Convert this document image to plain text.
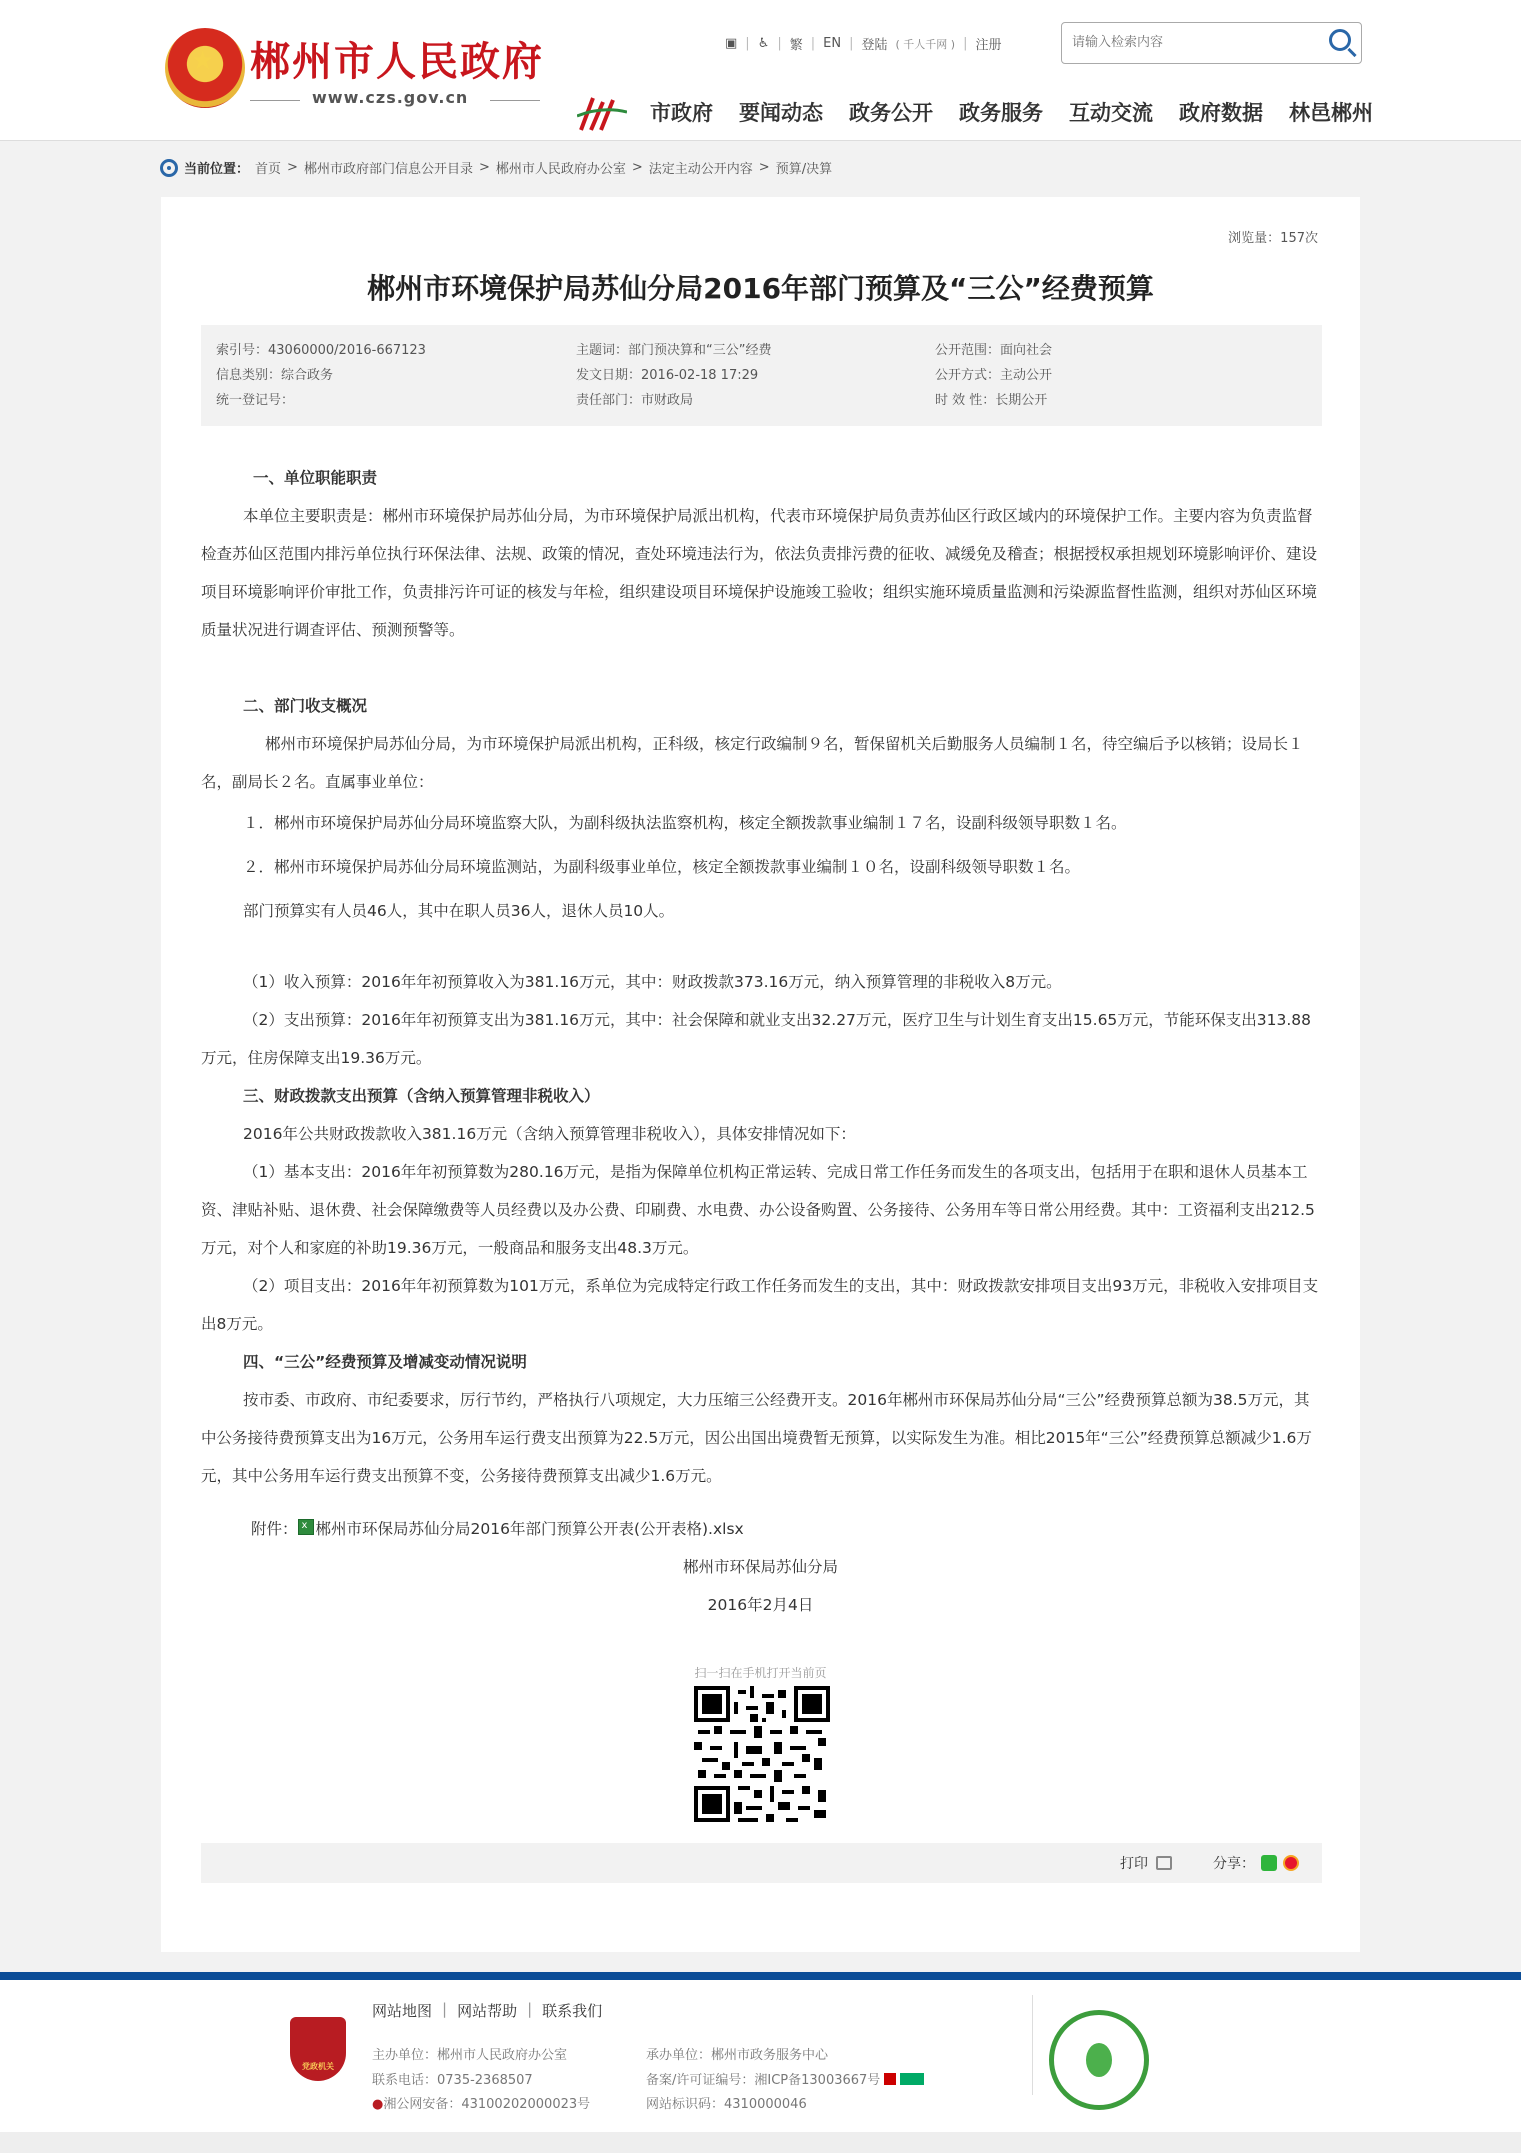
★ 郴州市人民政府
www.czs.gov.cn
▣ | ♿ | 繁 | EN | 登陆 ( 千人千网 ) | 注册
请输入检索内容
市政府 要闻动态 政务公开 政务服务 互动交流 政府数据 林邑郴州
当前位置： 首页 > 郴州市政府部门信息公开目录 > 郴州市人民政府办公室 > 法定主动公开内容 > 预算/决算
浏览量：157次
郴州市环境保护局苏仙分局2016年部门预算及“三公”经费预算
索引号：43060000/2016-667123
信息类别：综合政务
统一登记号：
主题词：部门预决算和“三公”经费
发文日期：2016-02-18 17:29
责任部门：市财政局
公开范围：面向社会
公开方式：主动公开
时 效 性：长期公开

一、单位职能职责

本单位主要职责是：郴州市环境保护局苏仙分局，为市环境保护局派出机构，代表市环境保护局负责苏仙区行政区域内的环境保护工作。主要内容为负责监督检查苏仙区范围内排污单位执行环保法律、法规、政策的情况，查处环境违法行为，依法负责排污费的征收、减缓免及稽查；根据授权承担规划环境影响评价、建设项目环境影响评价审批工作，负责排污许可证的核发与年检，组织建设项目环境保护设施竣工验收；组织实施环境质量监测和污染源监督性监测，组织对苏仙区环境质量状况进行调查评估、预测预警等。

二、部门收支概况

郴州市环境保护局苏仙分局，为市环境保护局派出机构，正科级，核定行政编制９名，暂保留机关后勤服务人员编制１名，待空编后予以核销；设局长１名，副局长２名。直属事业单位：

１．郴州市环境保护局苏仙分局环境监察大队，为副科级执法监察机构，核定全额拨款事业编制１７名，设副科级领导职数１名。

２．郴州市环境保护局苏仙分局环境监测站，为副科级事业单位，核定全额拨款事业编制１０名，设副科级领导职数１名。

部门预算实有人员46人，其中在职人员36人，退休人员10人。

（1）收入预算：2016年年初预算收入为381.16万元，其中：财政拨款373.16万元，纳入预算管理的非税收入8万元。

（2）支出预算：2016年年初预算支出为381.16万元，其中：社会保障和就业支出32.27万元，医疗卫生与计划生育支出15.65万元，节能环保支出313.88万元，住房保障支出19.36万元。

三、财政拨款支出预算（含纳入预算管理非税收入）

2016年公共财政拨款收入381.16万元（含纳入预算管理非税收入），具体安排情况如下：

（1）基本支出：2016年年初预算数为280.16万元，是指为保障单位机构正常运转、完成日常工作任务而发生的各项支出，包括用于在职和退休人员基本工资、津贴补贴、退休费、社会保障缴费等人员经费以及办公费、印刷费、水电费、办公设备购置、公务接待、公务用车等日常公用经费。其中：工资福利支出212.5万元，对个人和家庭的补助19.36万元，一般商品和服务支出48.3万元。

（2）项目支出：2016年年初预算数为101万元，系单位为完成特定行政工作任务而发生的支出，其中：财政拨款安排项目支出93万元，非税收入安排项目支出8万元。

四、“三公”经费预算及增减变动情况说明

按市委、市政府、市纪委要求，厉行节约，严格执行八项规定，大力压缩三公经费开支。2016年郴州市环保局苏仙分局“三公”经费预算总额为38.5万元，其中公务接待费预算支出为16万元，公务用车运行费支出预算为22.5万元，因公出国出境费暂无预算，以实际发生为准。相比2015年“三公”经费预算总额减少1.6万元，其中公务用车运行费支出预算不变，公务接待费预算支出减少1.6万元。

附件：x 郴州市环保局苏仙分局2016年部门预算公开表(公开表格).xlsx
郴州市环保局苏仙分局
2016年2月4日
扫一扫在手机打开当前页
打印	分享：
党政机关
网站地图 | 网站帮助 | 联系我们
主办单位：郴州市人民政府办公室
联系电话：0735-2368507
●湘公网安备：43100202000023号
承办单位：郴州市政务服务中心
备案/许可证编号：湘ICP备13003667号
网站标识码：4310000046
